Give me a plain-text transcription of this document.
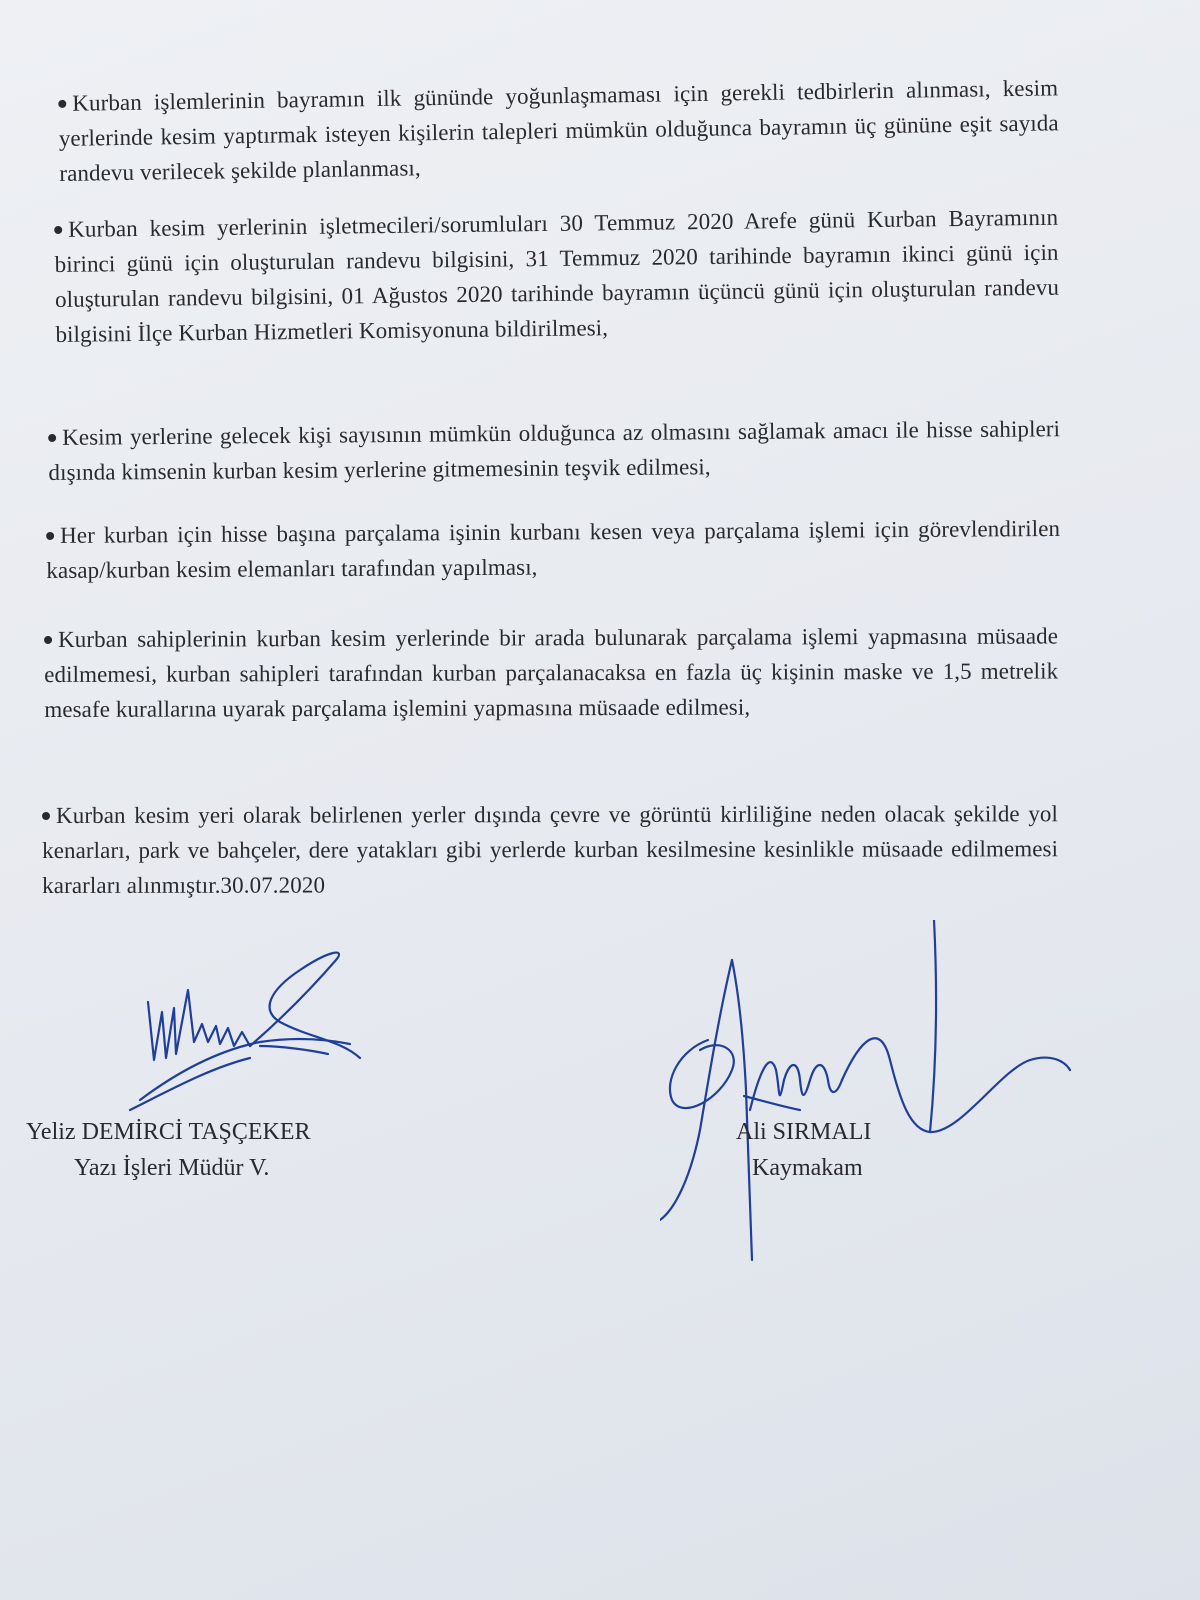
Kurban işlemlerinin bayramın ilk gününde yoğunlaşmaması için gerekli tedbirlerin alınması, kesim yerlerinde kesim yaptırmak isteyen kişilerin talepleri mümkün olduğunca bayramın üç gününe eşit sayıda randevu verilecek şekilde planlanması,

Kurban kesim yerlerinin işletmecileri/sorumluları 30 Temmuz 2020 Arefe günü Kurban Bayramının birinci günü için oluşturulan randevu bilgisini, 31 Temmuz 2020 tarihinde bayramın ikinci günü için oluşturulan randevu bilgisini, 01 Ağustos 2020 tarihinde bayramın üçüncü günü için oluşturulan randevu bilgisini İlçe Kurban Hizmetleri Komisyonuna bildirilmesi,

Kesim yerlerine gelecek kişi sayısının mümkün olduğunca az olmasını sağlamak amacı ile hisse sahipleri dışında kimsenin kurban kesim yerlerine gitmemesinin teşvik edilmesi,

Her kurban için hisse başına parçalama işinin kurbanı kesen veya parçalama işlemi için görevlendirilen kasap/kurban kesim elemanları tarafından yapılması,

Kurban sahiplerinin kurban kesim yerlerinde bir arada bulunarak parçalama işlemi yapmasına müsaade edilmemesi, kurban sahipleri tarafından kurban parçalanacaksa en fazla üç kişinin maske ve 1,5 metrelik mesafe kurallarına uyarak parçalama işlemini yapmasına müsaade edilmesi,

Kurban kesim yeri olarak belirlenen yerler dışında çevre ve görüntü kirliliğine neden olacak şekilde yol kenarları, park ve bahçeler, dere yatakları gibi yerlerde kurban kesilmesine kesinlikle müsaade edilmemesi kararları alınmıştır.30.07.2020

Yeliz DEMİRCİ TAŞÇEKER

Yazı İşleri Müdür V.

Ali SIRMALI

Kaymakam
